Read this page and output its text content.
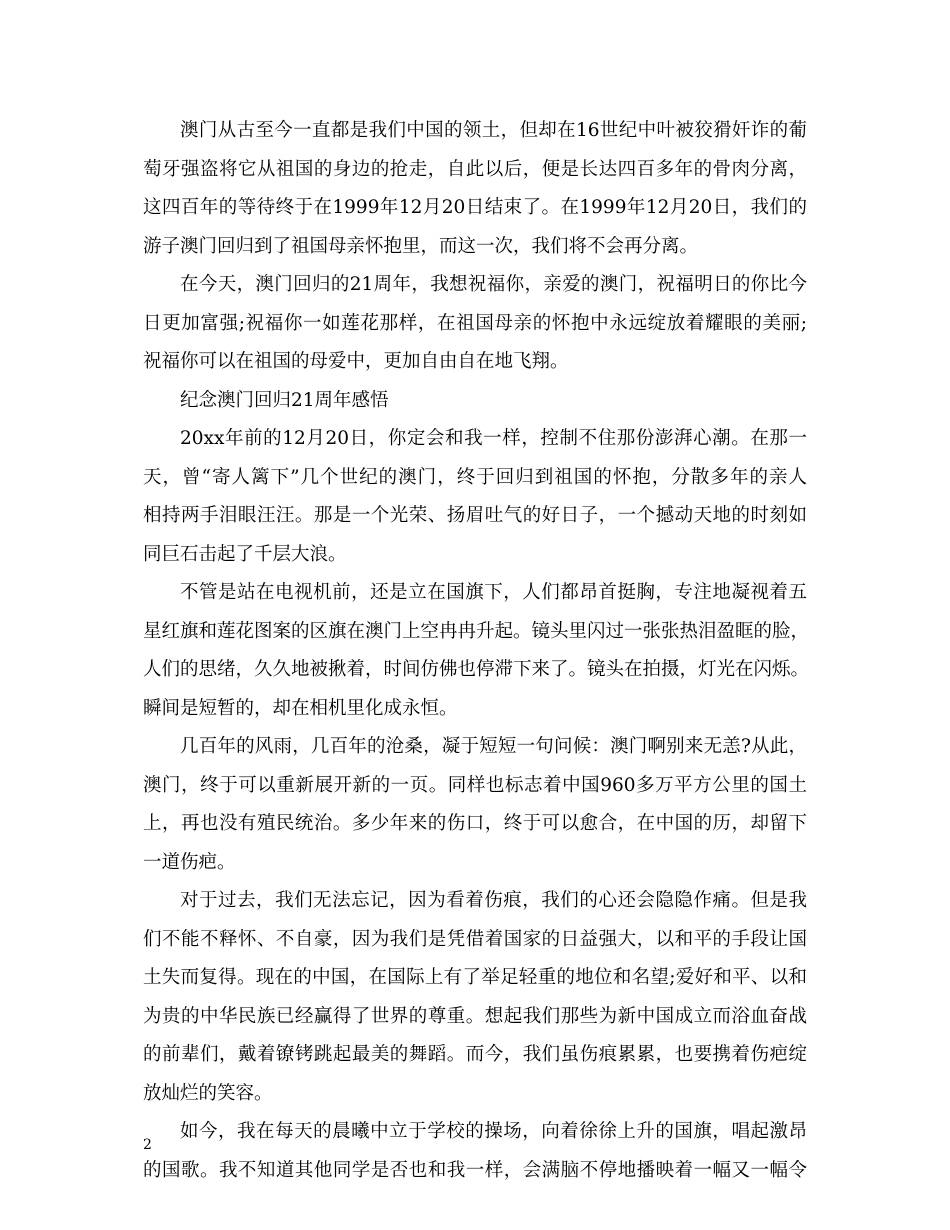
澳门从古至今一直都是我们中国的领土，但却在16世纪中叶被狡猾奸诈的葡
萄牙强盗将它从祖国的身边的抢走，自此以后，便是长达四百多年的骨肉分离，
这四百年的等待终于在1999年12月20日结束了。在1999年12月20日，我们的
游子澳门回归到了祖国母亲怀抱里，而这一次，我们将不会再分离。
在今天，澳门回归的21周年，我想祝福你，亲爱的澳门，祝福明日的你比今
日更加富强;祝福你一如莲花那样，在祖国母亲的怀抱中永远绽放着耀眼的美丽;
祝福你可以在祖国的母爱中，更加自由自在地飞翔。
纪念澳门回归21周年感悟
20xx年前的12月20日，你定会和我一样，控制不住那份澎湃心潮。在那一
天，曾“寄人篱下”几个世纪的澳门，终于回归到祖国的怀抱，分散多年的亲人
相持两手泪眼汪汪。那是一个光荣、扬眉吐气的好日子，一个撼动天地的时刻如
同巨石击起了千层大浪。
不管是站在电视机前，还是立在国旗下，人们都昂首挺胸，专注地凝视着五
星红旗和莲花图案的区旗在澳门上空冉冉升起。镜头里闪过一张张热泪盈眶的脸，
人们的思绪，久久地被揪着，时间仿佛也停滞下来了。镜头在拍摄，灯光在闪烁。
瞬间是短暂的，却在相机里化成永恒。
几百年的风雨，几百年的沧桑，凝于短短一句问候：澳门啊别来无恙?从此，
澳门，终于可以重新展开新的一页。同样也标志着中国960多万平方公里的国土
上，再也没有殖民统治。多少年来的伤口，终于可以愈合，在中国的历，却留下
一道伤疤。
对于过去，我们无法忘记，因为看着伤痕，我们的心还会隐隐作痛。但是我
们不能不释怀、不自豪，因为我们是凭借着国家的日益强大，以和平的手段让国
土失而复得。现在的中国，在国际上有了举足轻重的地位和名望;爱好和平、以和
为贵的中华民族已经赢得了世界的尊重。想起我们那些为新中国成立而浴血奋战
的前辈们，戴着镣铐跳起最美的舞蹈。而今，我们虽伤痕累累，也要携着伤疤绽
放灿烂的笑容。
如今，我在每天的晨曦中立于学校的操场，向着徐徐上升的国旗，唱起激昂
的国歌。我不知道其他同学是否也和我一样，会满脑不停地播映着一幅又一幅令
2
